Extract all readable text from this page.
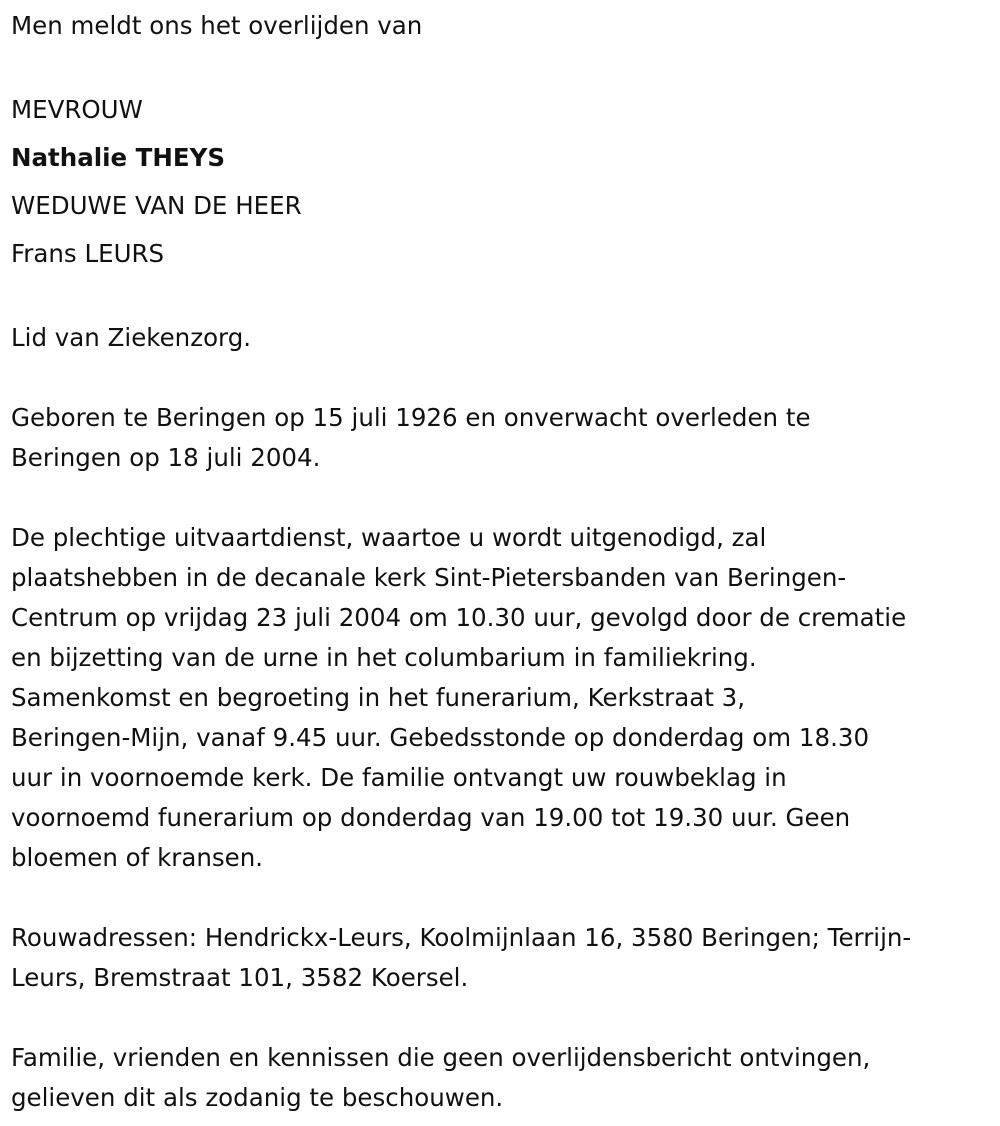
Men meldt ons het overlijden van

MEVROUW

Nathalie THEYS

WEDUWE VAN DE HEER

Frans LEURS

Lid van Ziekenzorg.

Geboren te Beringen op 15 juli 1926 en onverwacht overleden te

Beringen op 18 juli 2004.

De plechtige uitvaartdienst, waartoe u wordt uitgenodigd, zal

plaatshebben in de decanale kerk Sint-Pietersbanden van Beringen-

Centrum op vrijdag 23 juli 2004 om 10.30 uur, gevolgd door de crematie

en bijzetting van de urne in het columbarium in familiekring.

Samenkomst en begroeting in het funerarium, Kerkstraat 3,

Beringen-Mijn, vanaf 9.45 uur. Gebedsstonde op donderdag om 18.30

uur in voornoemde kerk. De familie ontvangt uw rouwbeklag in

voornoemd funerarium op donderdag van 19.00 tot 19.30 uur. Geen

bloemen of kransen.

Rouwadressen: Hendrickx-Leurs, Koolmijnlaan 16, 3580 Beringen; Terrijn-

Leurs, Bremstraat 101, 3582 Koersel.

Familie, vrienden en kennissen die geen overlijdensbericht ontvingen,

gelieven dit als zodanig te beschouwen.
